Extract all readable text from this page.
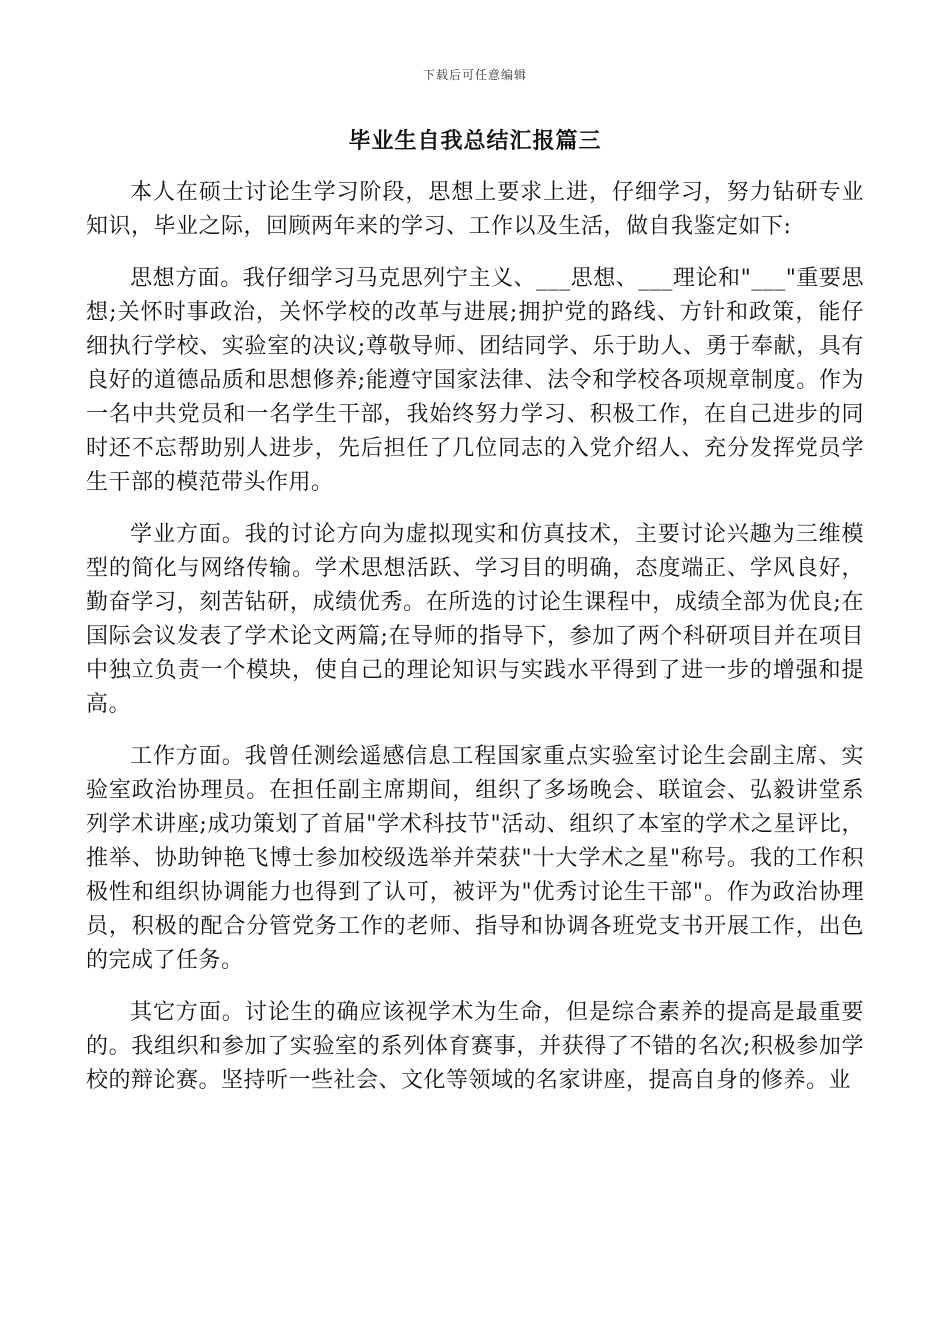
下载后可任意编辑
毕业生自我总结汇报篇三

本人在硕士讨论生学习阶段，思想上要求上进，仔细学习，努力钻研专业知识，毕业之际，回顾两年来的学习、工作以及生活，做自我鉴定如下:

思想方面。我仔细学习马克思列宁主义、___思想、___理论和"___"重要思想;关怀时事政治，关怀学校的改革与进展;拥护党的路线、方针和政策，能仔细执行学校、实验室的决议;尊敬导师、团结同学、乐于助人、勇于奉献，具有良好的道德品质和思想修养;能遵守国家法律、法令和学校各项规章制度。作为一名中共党员和一名学生干部，我始终努力学习、积极工作，在自己进步的同时还不忘帮助别人进步，先后担任了几位同志的入党介绍人、充分发挥党员学生干部的模范带头作用。

学业方面。我的讨论方向为虚拟现实和仿真技术，主要讨论兴趣为三维模型的简化与网络传输。学术思想活跃、学习目的明确，态度端正、学风良好，勤奋学习，刻苦钻研，成绩优秀。在所选的讨论生课程中，成绩全部为优良;在国际会议发表了学术论文两篇;在导师的指导下，参加了两个科研项目并在项目中独立负责一个模块，使自己的理论知识与实践水平得到了进一步的增强和提高。

工作方面。我曾任测绘遥感信息工程国家重点实验室讨论生会副主席、实验室政治协理员。在担任副主席期间，组织了多场晚会、联谊会、弘毅讲堂系列学术讲座;成功策划了首届"学术科技节"活动、组织了本室的学术之星评比，推举、协助钟艳飞博士参加校级选举并荣获"十大学术之星"称号。我的工作积极性和组织协调能力也得到了认可，被评为"优秀讨论生干部"。作为政治协理员，积极的配合分管党务工作的老师、指导和协调各班党支书开展工作，出色的完成了任务。

其它方面。讨论生的确应该视学术为生命，但是综合素养的提高是最重要的。我组织和参加了实验室的系列体育赛事，并获得了不错的名次;积极参加学校的辩论赛。坚持听一些社会、文化等领域的名家讲座，提高自身的修养。业
